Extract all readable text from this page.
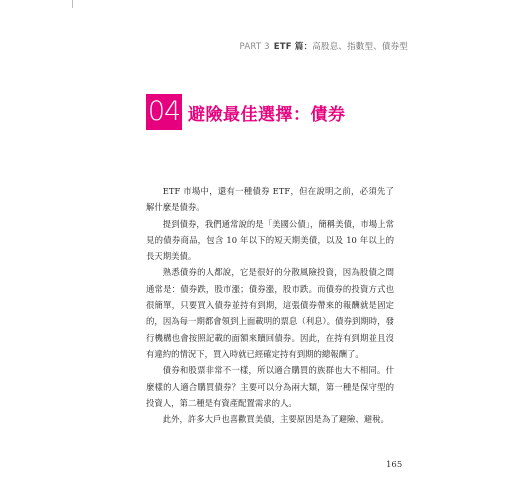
PART 3 ETF 篇：高股息、指數型、債券型
04 避險最佳選擇：債券

ETF 市場中，還有一種債券 ETF，但在說明之前，必須先了解什麼是債券。

提到債券，我們通常說的是「美國公債」，簡稱美債，市場上常見的債券商品，包含 10 年以下的短天期美債，以及 10 年以上的長天期美債。

熟悉債券的人都說，它是很好的分散風險投資，因為股債之間通常是：債券跌，股市漲；債券漲，股市跌。而債券的投資方式也很簡單，只要買入債券並持有到期，這張債券帶來的報酬就是固定的，因為每一期都會領到上面載明的票息（利息）。債券到期時，發行機構也會按照記載的面額來贖回債券。因此，在持有到期並且沒有違約的情況下，買入時就已經確定持有到期的總報酬了。

債券和股票非常不一樣，所以適合購買的族群也大不相同。什麼樣的人適合購買債券？主要可以分為兩大類，第一種是保守型的投資人，第二種是有資產配置需求的人。

此外，許多大戶也喜歡買美債，主要原因是為了避險、避稅。

165
